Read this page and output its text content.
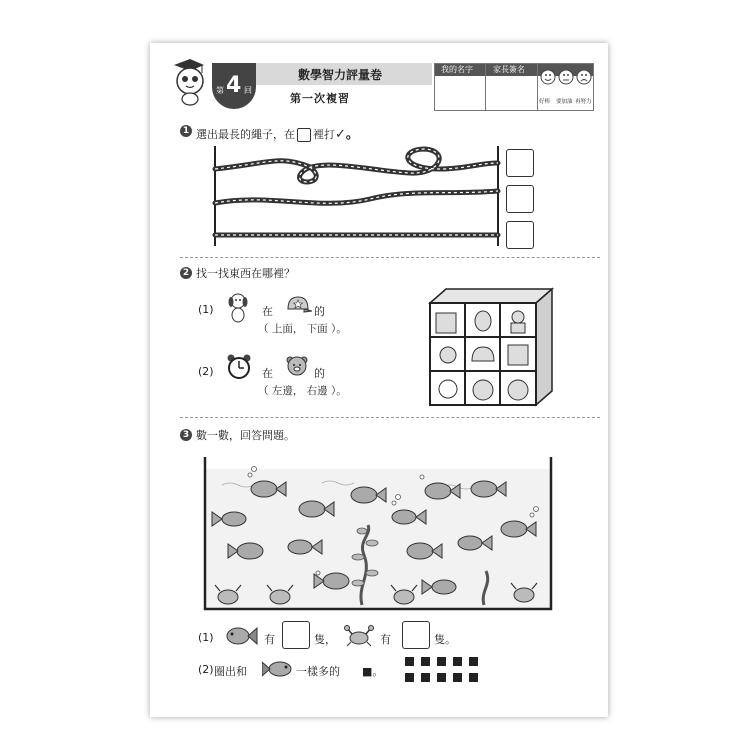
第 4 回
數學智力評量卷
第一次複習
我的名字	家長簽名
好棒 要加油 再努力
1 選出最長的繩子，在 裡打✓。
2 找一找東西在哪裡？
(1)	在	的
（ 上面， 下面 ）。
(2)	在	的
（ 左邊， 右邊 ）。
3 數一數，回答問題。
(1)	有	隻，	有	隻。
(2) 圈出和	一樣多的 ■。
